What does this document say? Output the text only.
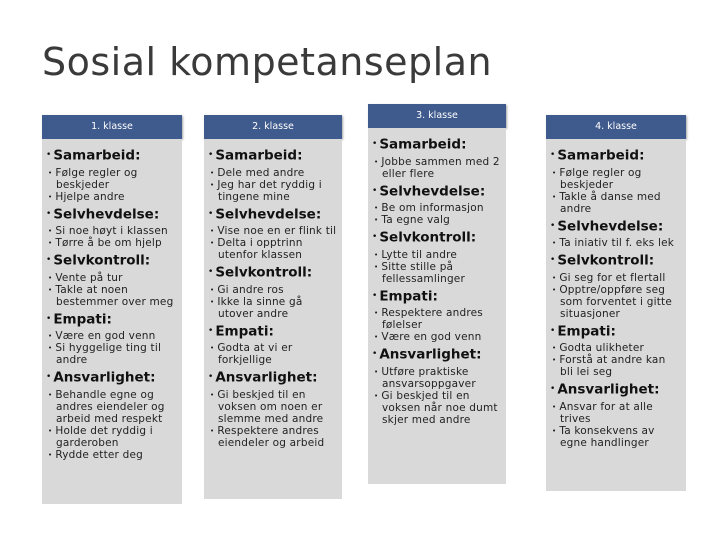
Sosial kompetanseplan
1. klasse
• Samarbeid:
• Følge regler og beskjeder
• Hjelpe andre
• Selvhevdelse:
• Si noe høyt i klassen
• Tørre å be om hjelp
• Selvkontroll:
• Vente på tur
• Takle at noen bestemmer over meg
• Empati:
• Være en god venn
• Si hyggelige ting til andre
• Ansvarlighet:
• Behandle egne og andres eiendeler og arbeid med respekt
• Holde det ryddig i garderoben
• Rydde etter deg
2. klasse
• Samarbeid:
• Dele med andre
• Jeg har det ryddig i tingene mine
• Selvhevdelse:
• Vise noe en er flink til
• Delta i opptrinn utenfor klassen
• Selvkontroll:
• Gi andre ros
• Ikke la sinne gå utover andre
• Empati:
• Godta at vi er forkjellige
• Ansvarlighet:
• Gi beskjed til en voksen om noen er slemme med andre
• Respektere andres eiendeler og arbeid
3. klasse
• Samarbeid:
• Jobbe sammen med 2 eller flere
• Selvhevdelse:
• Be om informasjon
• Ta egne valg
• Selvkontroll:
• Lytte til andre
• Sitte stille på fellessamlinger
• Empati:
• Respektere andres følelser
• Være en god venn
• Ansvarlighet:
• Utføre praktiske ansvarsoppgaver
• Gi beskjed til en voksen når noe dumt skjer med andre
4. klasse
• Samarbeid:
• Følge regler og beskjeder
• Takle å danse med andre
• Selvhevdelse:
• Ta iniativ til f. eks lek
• Selvkontroll:
• Gi seg for et flertall
• Opptre/oppføre seg som forventet i gitte situasjoner
• Empati:
• Godta ulikheter
• Forstå at andre kan bli lei seg
• Ansvarlighet:
• Ansvar for at alle trives
• Ta konsekvens av egne handlinger
